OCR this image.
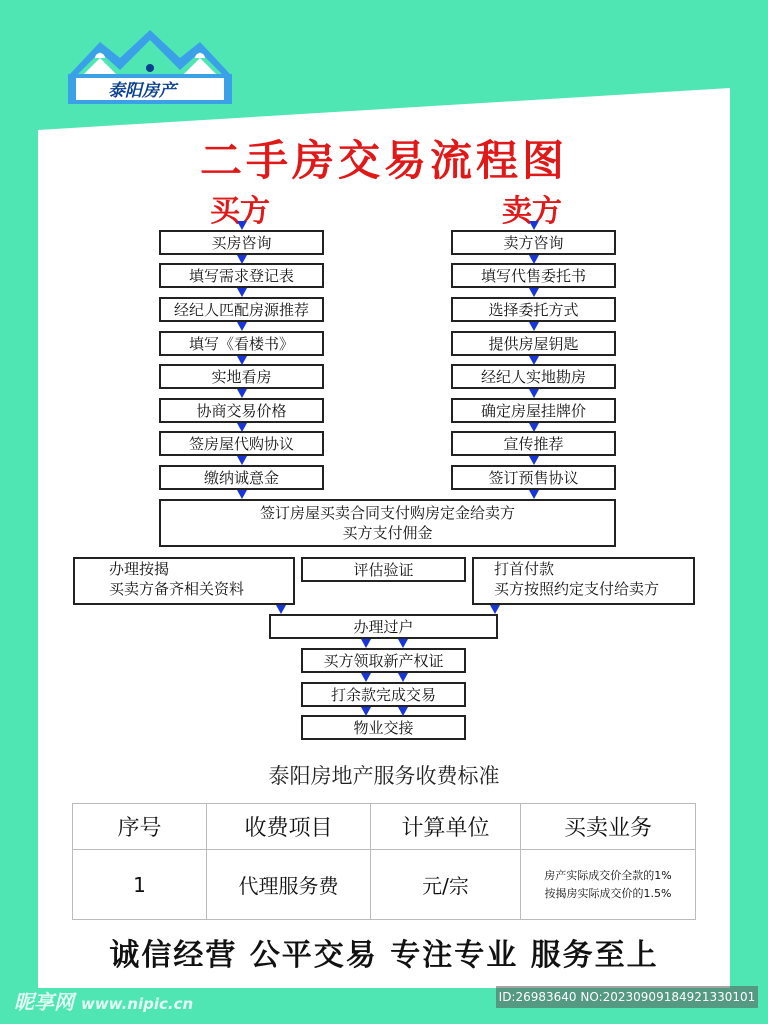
泰阳房产
二手房交易流程图
买方	卖方
买房咨询
填写需求登记表
经纪人匹配房源推荐
填写《看楼书》
实地看房
协商交易价格
签房屋代购协议
缴纳诚意金
卖方咨询
填写代售委托书
选择委托方式
提供房屋钥匙
经纪人实地勘房
确定房屋挂牌价
宣传推荐
签订预售协议
签订房屋买卖合同支付购房定金给卖方
买方支付佣金
办理按揭
买卖方备齐相关资料
评估验证	打首付款
买方按照约定支付给卖方
办理过户
买方领取新产权证
打余款完成交易
物业交接
泰阳房地产服务收费标准
序号	收费项目	计算单位	买卖业务
1	代理服务费	元/宗	房产实际成交价全款的1%
按揭房实际成交价的1.5%
诚信经营 公平交易 专注专业 服务至上
昵享网 www.nipic.cn	ID:26983640 NO:20230909184921330101
